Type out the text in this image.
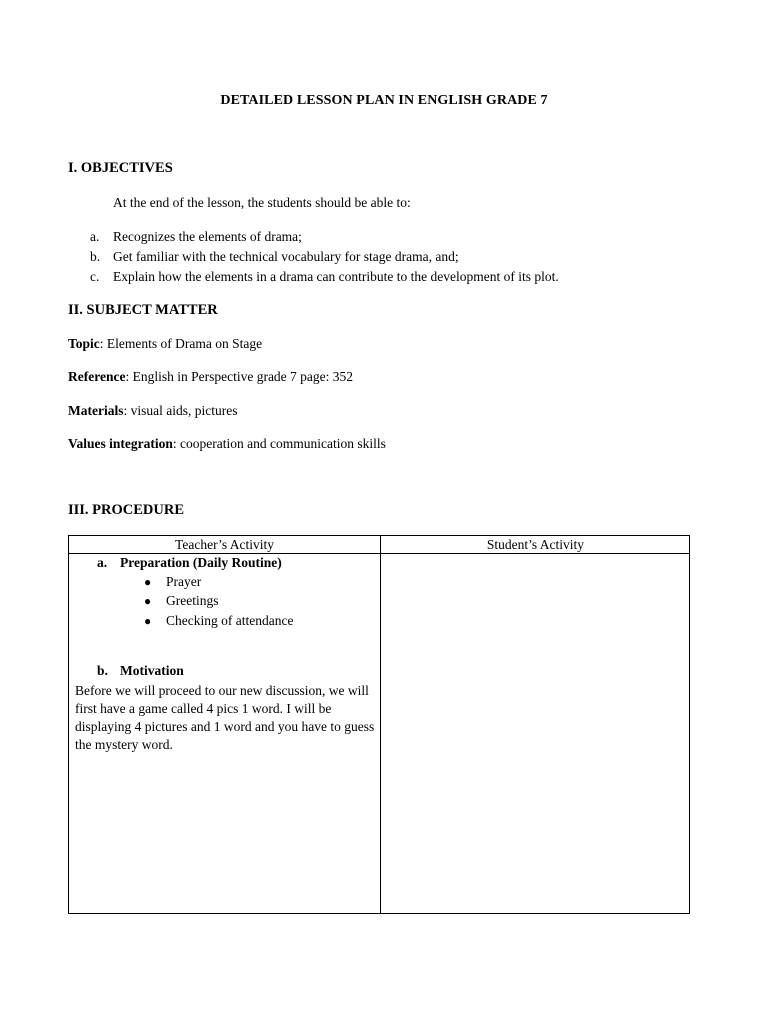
DETAILED LESSON PLAN IN ENGLISH GRADE 7
I. OBJECTIVES
At the end of the lesson, the students should be able to:
a. Recognizes the elements of drama;
b. Get familiar with the technical vocabulary for stage drama, and;
c. Explain how the elements in a drama can contribute to the development of its plot.
II. SUBJECT MATTER
Topic: Elements of Drama on Stage
Reference: English in Perspective grade 7 page: 352
Materials: visual aids, pictures
Values integration: cooperation and communication skills
III. PROCEDURE
Teacher’s Activity	Student’s Activity
a. Preparation (Daily Routine)
● Prayer
● Greetings
● Checking of attendance
b. Motivation
Before we will proceed to our new discussion, we will first have a game called 4 pics 1 word. I will be displaying 4 pictures and 1 word and you have to guess the mystery word.
